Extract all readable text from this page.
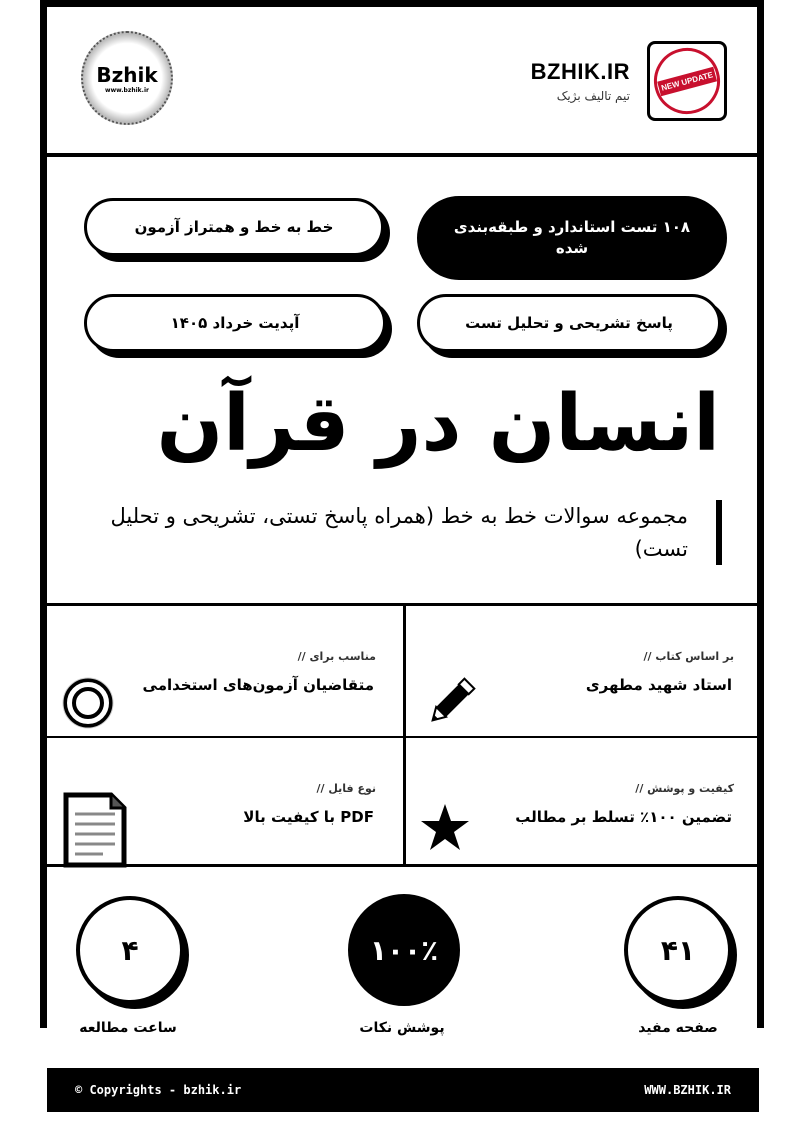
Bzhik
www.bzhik.ir
BZHIK.IR
تیم تالیف بژیک
NEW UPDATE
۱۰۸ تست استاندارد و طبقه‌بندی شده
خط به خط و همتراز آزمون
پاسخ تشریحی و تحلیل تست
آپدیت خرداد ۱۴۰۵
انسان در قرآن
مجموعه سوالات خط به خط (همراه پاسخ تستی، تشریحی و تحلیل تست)
بر اساس کتاب //
استاد شهید مطهری
مناسب برای //
متقاضیان آزمون‌های استخدامی
کیفیت و پوشش //
تضمین ۱۰۰٪ تسلط بر مطالب
نوع فایل //
PDF با کیفیت بالا
۴۱
صفحه مفید
۱۰۰٪
پوشش نکات
۴
ساعت مطالعه
© Copyrights - bzhik.ir	WWW.BZHIK.IR
